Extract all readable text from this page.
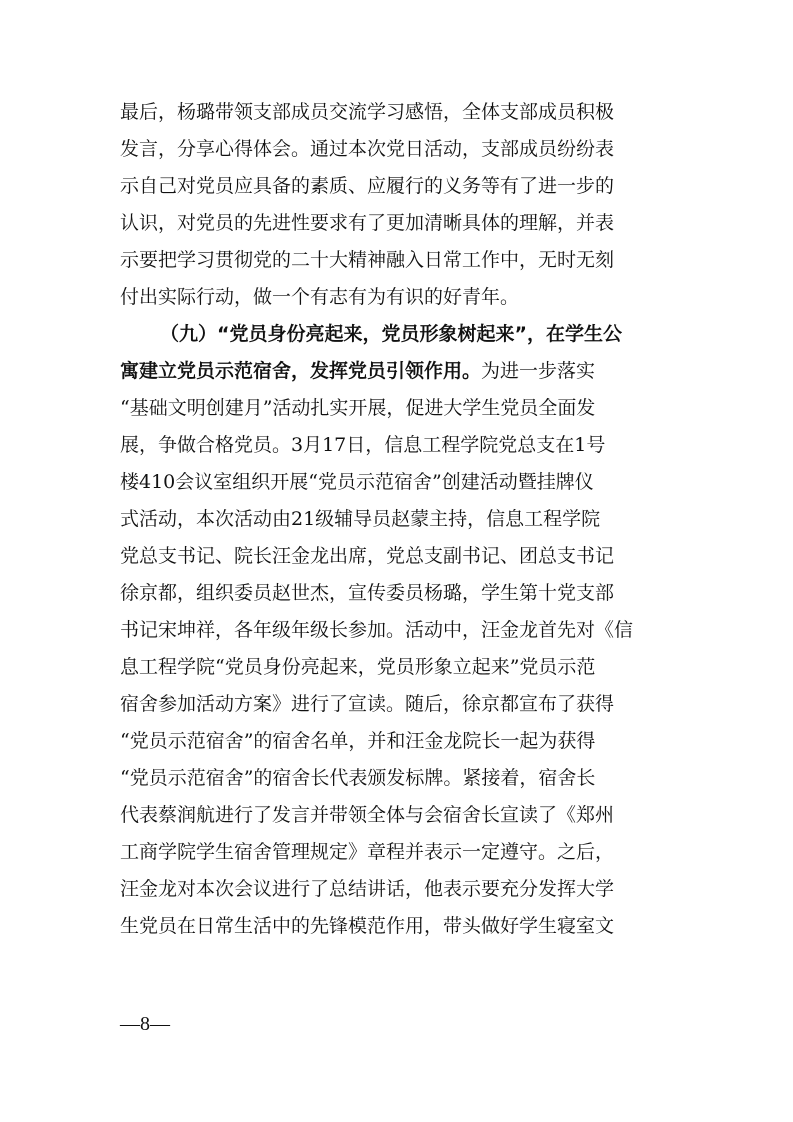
最后，杨璐带领支部成员交流学习感悟，全体支部成员积极
发言，分享心得体会。通过本次党日活动，支部成员纷纷表
示自己对党员应具备的素质、应履行的义务等有了进一步的
认识，对党员的先进性要求有了更加清晰具体的理解，并表
示要把学习贯彻党的二十大精神融入日常工作中，无时无刻
付出实际行动，做一个有志有为有识的好青年。
（九）“党员身份亮起来，党员形象树起来”，在学生公
寓建立党员示范宿舍，发挥党员引领作用。为进一步落实
“基础文明创建月”活动扎实开展，促进大学生党员全面发
展，争做合格党员。3月17日，信息工程学院党总支在1号
楼410会议室组织开展“党员示范宿舍”创建活动暨挂牌仪
式活动，本次活动由21级辅导员赵蒙主持，信息工程学院
党总支书记、院长汪金龙出席，党总支副书记、团总支书记
徐京都，组织委员赵世杰，宣传委员杨璐，学生第十党支部
书记宋坤祥，各年级年级长参加。活动中，汪金龙首先对《信
息工程学院“党员身份亮起来，党员形象立起来”党员示范
宿舍参加活动方案》进行了宣读。随后，徐京都宣布了获得
“党员示范宿舍”的宿舍名单，并和汪金龙院长一起为获得
“党员示范宿舍”的宿舍长代表颁发标牌。紧接着，宿舍长
代表蔡润航进行了发言并带领全体与会宿舍长宣读了《郑州
工商学院学生宿舍管理规定》章程并表示一定遵守。之后，
汪金龙对本次会议进行了总结讲话，他表示要充分发挥大学
生党员在日常生活中的先锋模范作用，带头做好学生寝室文
—8—
